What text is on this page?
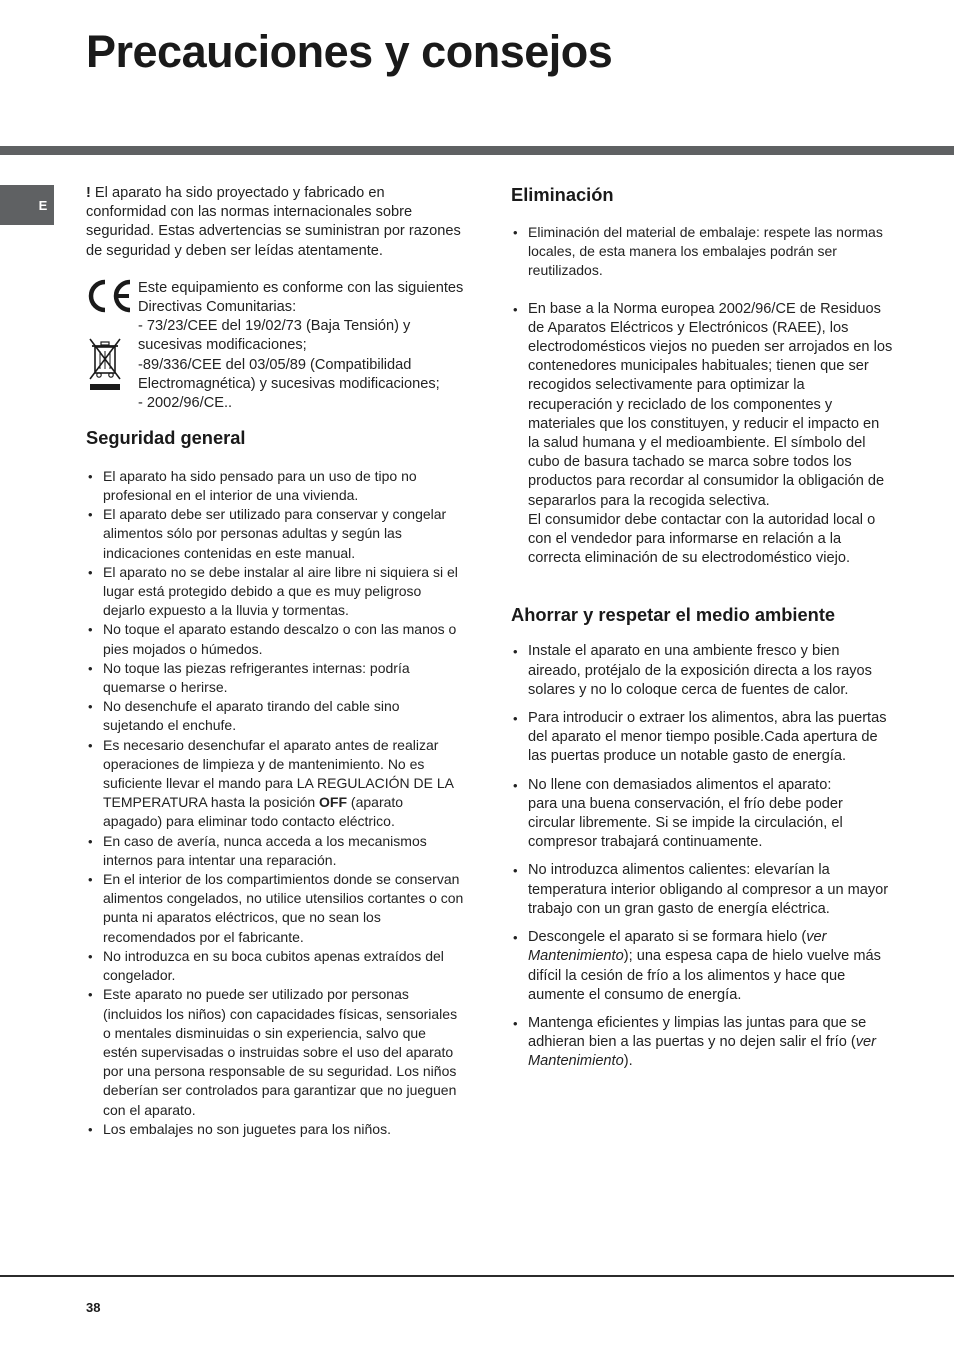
Precauciones y consejos
E

! El aparato ha sido proyectado y fabricado en conformidad con las normas internacionales sobre seguridad. Estas advertencias se suministran por razones de seguridad y deben ser leídas atentamente.

Este equipamiento es conforme con las siguientes Directivas Comunitarias:

- 73/23/CEE del 19/02/73 (Baja Tensión) y sucesivas modificaciones;

-89/336/CEE del 03/05/89 (Compatibilidad Electromagnética) y sucesivas modificaciones;

- 2002/96/CE..

Seguridad general
• El aparato ha sido pensado para un uso de tipo no profesional en el interior de una vivienda.
• El aparato debe ser utilizado para conservar y congelar alimentos sólo por personas adultas y según las indicaciones contenidas en este manual.
• El aparato no se debe instalar al aire libre ni siquiera si el lugar está protegido debido a que es muy peligroso dejarlo expuesto a la lluvia y tormentas.
• No toque el aparato estando descalzo o con las manos o pies mojados o húmedos.
• No toque las piezas refrigerantes internas: podría quemarse o herirse.
• No desenchufe el aparato tirando del cable sino sujetando el enchufe.
• Es necesario desenchufar el aparato antes de realizar operaciones de limpieza y de mantenimiento. No es suficiente llevar el mando para LA REGULACIÓN DE LA TEMPERATURA hasta la posición OFF (aparato apagado) para eliminar todo contacto eléctrico.
• En caso de avería, nunca acceda a los mecanismos internos para intentar una reparación.
• En el interior de los compartimientos donde se conservan alimentos congelados, no utilice utensilios cortantes o con punta ni aparatos eléctricos, que no sean los recomendados por el fabricante.
• No introduzca en su boca cubitos apenas extraídos del congelador.
• Este aparato no puede ser utilizado por personas (incluidos los niños) con capacidades físicas, sensoriales o mentales disminuidas o sin experiencia, salvo que estén supervisadas o instruidas sobre el uso del aparato por una persona responsable de su seguridad. Los niños deberían ser controlados para garantizar que no jueguen con el aparato.
• Los embalajes no son juguetes para los niños.
Eliminación
• Eliminación del material de embalaje: respete las normas locales, de esta manera los embalajes podrán ser reutilizados.

• En base a la Norma europea 2002/96/CE de Residuos de Aparatos Eléctricos y Electrónicos (RAEE), los electrodomésticos viejos no pueden ser arrojados en los contenedores municipales habituales; tienen que ser recogidos selectivamente para optimizar la recuperación y reciclado de los componentes y materiales que los constituyen, y reducir el impacto en la salud humana y el medioambiente. El símbolo del cubo de basura tachado se marca sobre todos los productos para recordar al consumidor la obligación de separarlos para la recogida selectiva.

El consumidor debe contactar con la autoridad local o con el vendedor para informarse en relación a la correcta eliminación de su electrodoméstico viejo.

Ahorrar y respetar el medio ambiente
• Instale el aparato en una ambiente fresco y bien aireado, protéjalo de la exposición directa a los rayos solares y no lo coloque cerca de fuentes de calor.
• Para introducir o extraer los alimentos, abra las puertas del aparato el menor tiempo posible.Cada apertura de las puertas produce un notable gasto de energía.

• No llene con demasiados alimentos el aparato:

para una buena conservación, el frío debe poder circular libremente. Si se impide la circulación, el compresor trabajará continuamente.

• No introduzca alimentos calientes: elevarían la temperatura interior obligando al compresor a un mayor trabajo con un gran gasto de energía eléctrica.
• Descongele el aparato si se formara hielo (ver Mantenimiento); una espesa capa de hielo vuelve más difícil la cesión de frío a los alimentos y hace que aumente el consumo de energía.
• Mantenga eficientes y limpias las juntas para que se adhieran bien a las puertas y no dejen salir el frío (ver Mantenimiento).
38
